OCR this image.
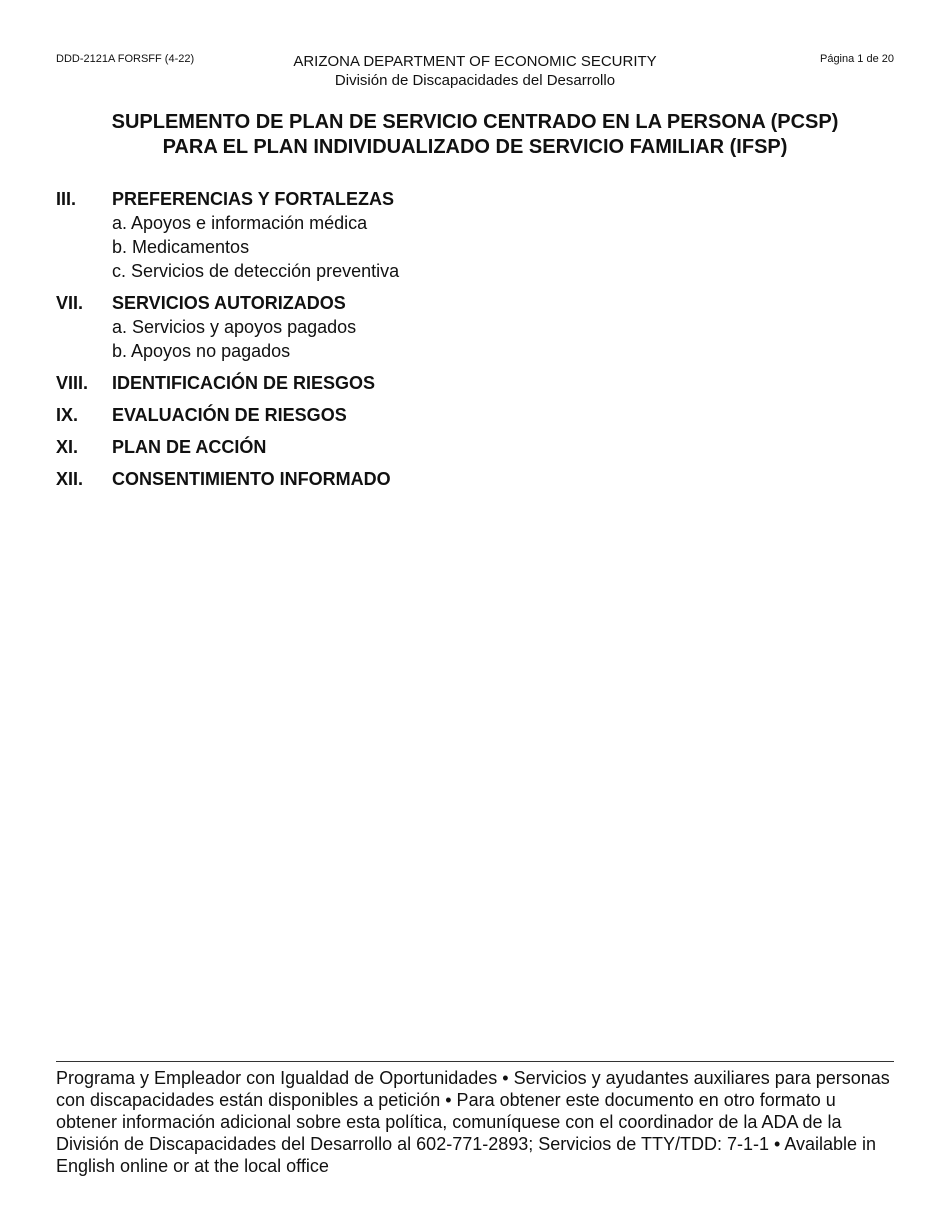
DDD-2121A FORSFF (4-22)	ARIZONA DEPARTMENT OF ECONOMIC SECURITY
División de Discapacidades del Desarrollo
Página 1 de 20
SUPLEMENTO DE PLAN DE SERVICIO CENTRADO EN LA PERSONA (PCSP)
PARA EL PLAN INDIVIDUALIZADO DE SERVICIO FAMILIAR (IFSP)
III.	PREFERENCIAS Y FORTALEZAS
a. Apoyos e información médica
b. Medicamentos
c. Servicios de detección preventiva
VII.	SERVICIOS AUTORIZADOS
a. Servicios y apoyos pagados
b. Apoyos no pagados
VIII.	IDENTIFICACIÓN DE RIESGOS
IX.	EVALUACIÓN DE RIESGOS
XI.	PLAN DE ACCIÓN
XII.	CONSENTIMIENTO INFORMADO
Programa y Empleador con Igualdad de Oportunidades • Servicios y ayudantes auxiliares para personas con discapacidades están disponibles a petición • Para obtener este documento en otro formato u obtener información adicional sobre esta política, comuníquese con el coordinador de la ADA de la División de Discapacidades del Desarrollo al 602-771-2893; Servicios de TTY/TDD: 7-1-1 • Available in English online or at the local office
